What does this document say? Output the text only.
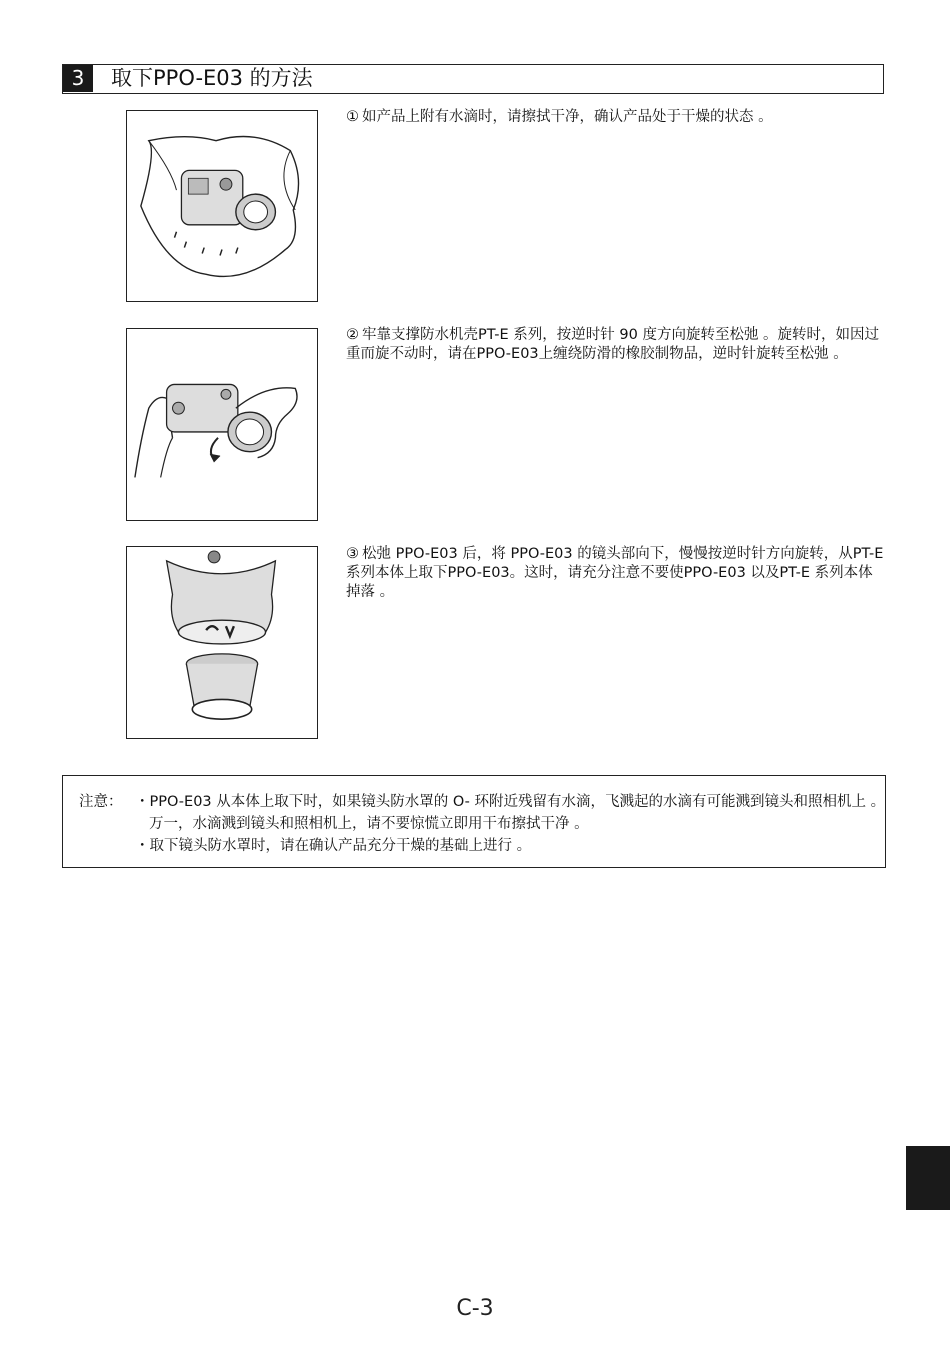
3	取下PPO-E03 的方法
① 如产品上附有水滴时，请擦拭干净，确认产品处于干燥的状态 。
② 牢靠支撑防水机壳PT-E 系列，按逆时针 90 度方向旋转至松弛 。旋转时，如因过重而旋不动时，请在PPO-E03上缠绕防滑的橡胶制物品，逆时针旋转至松弛 。
③ 松弛 PPO-E03 后，将 PPO-E03 的镜头部向下，慢慢按逆时针方向旋转，从PT-E 系列本体上取下PPO-E03。这时，请充分注意不要使PPO-E03 以及PT-E 系列本体掉落 。
注意： ・PPO-E03 从本体上取下时，如果镜头防水罩的 O- 环附近残留有水滴，飞溅起的水滴有可能溅到镜头和照相机上 。万一，水滴溅到镜头和照相机上，请不要惊慌立即用干布擦拭干净 。
・取下镜头防水罩时，请在确认产品充分干燥的基础上进行 。
C-3
